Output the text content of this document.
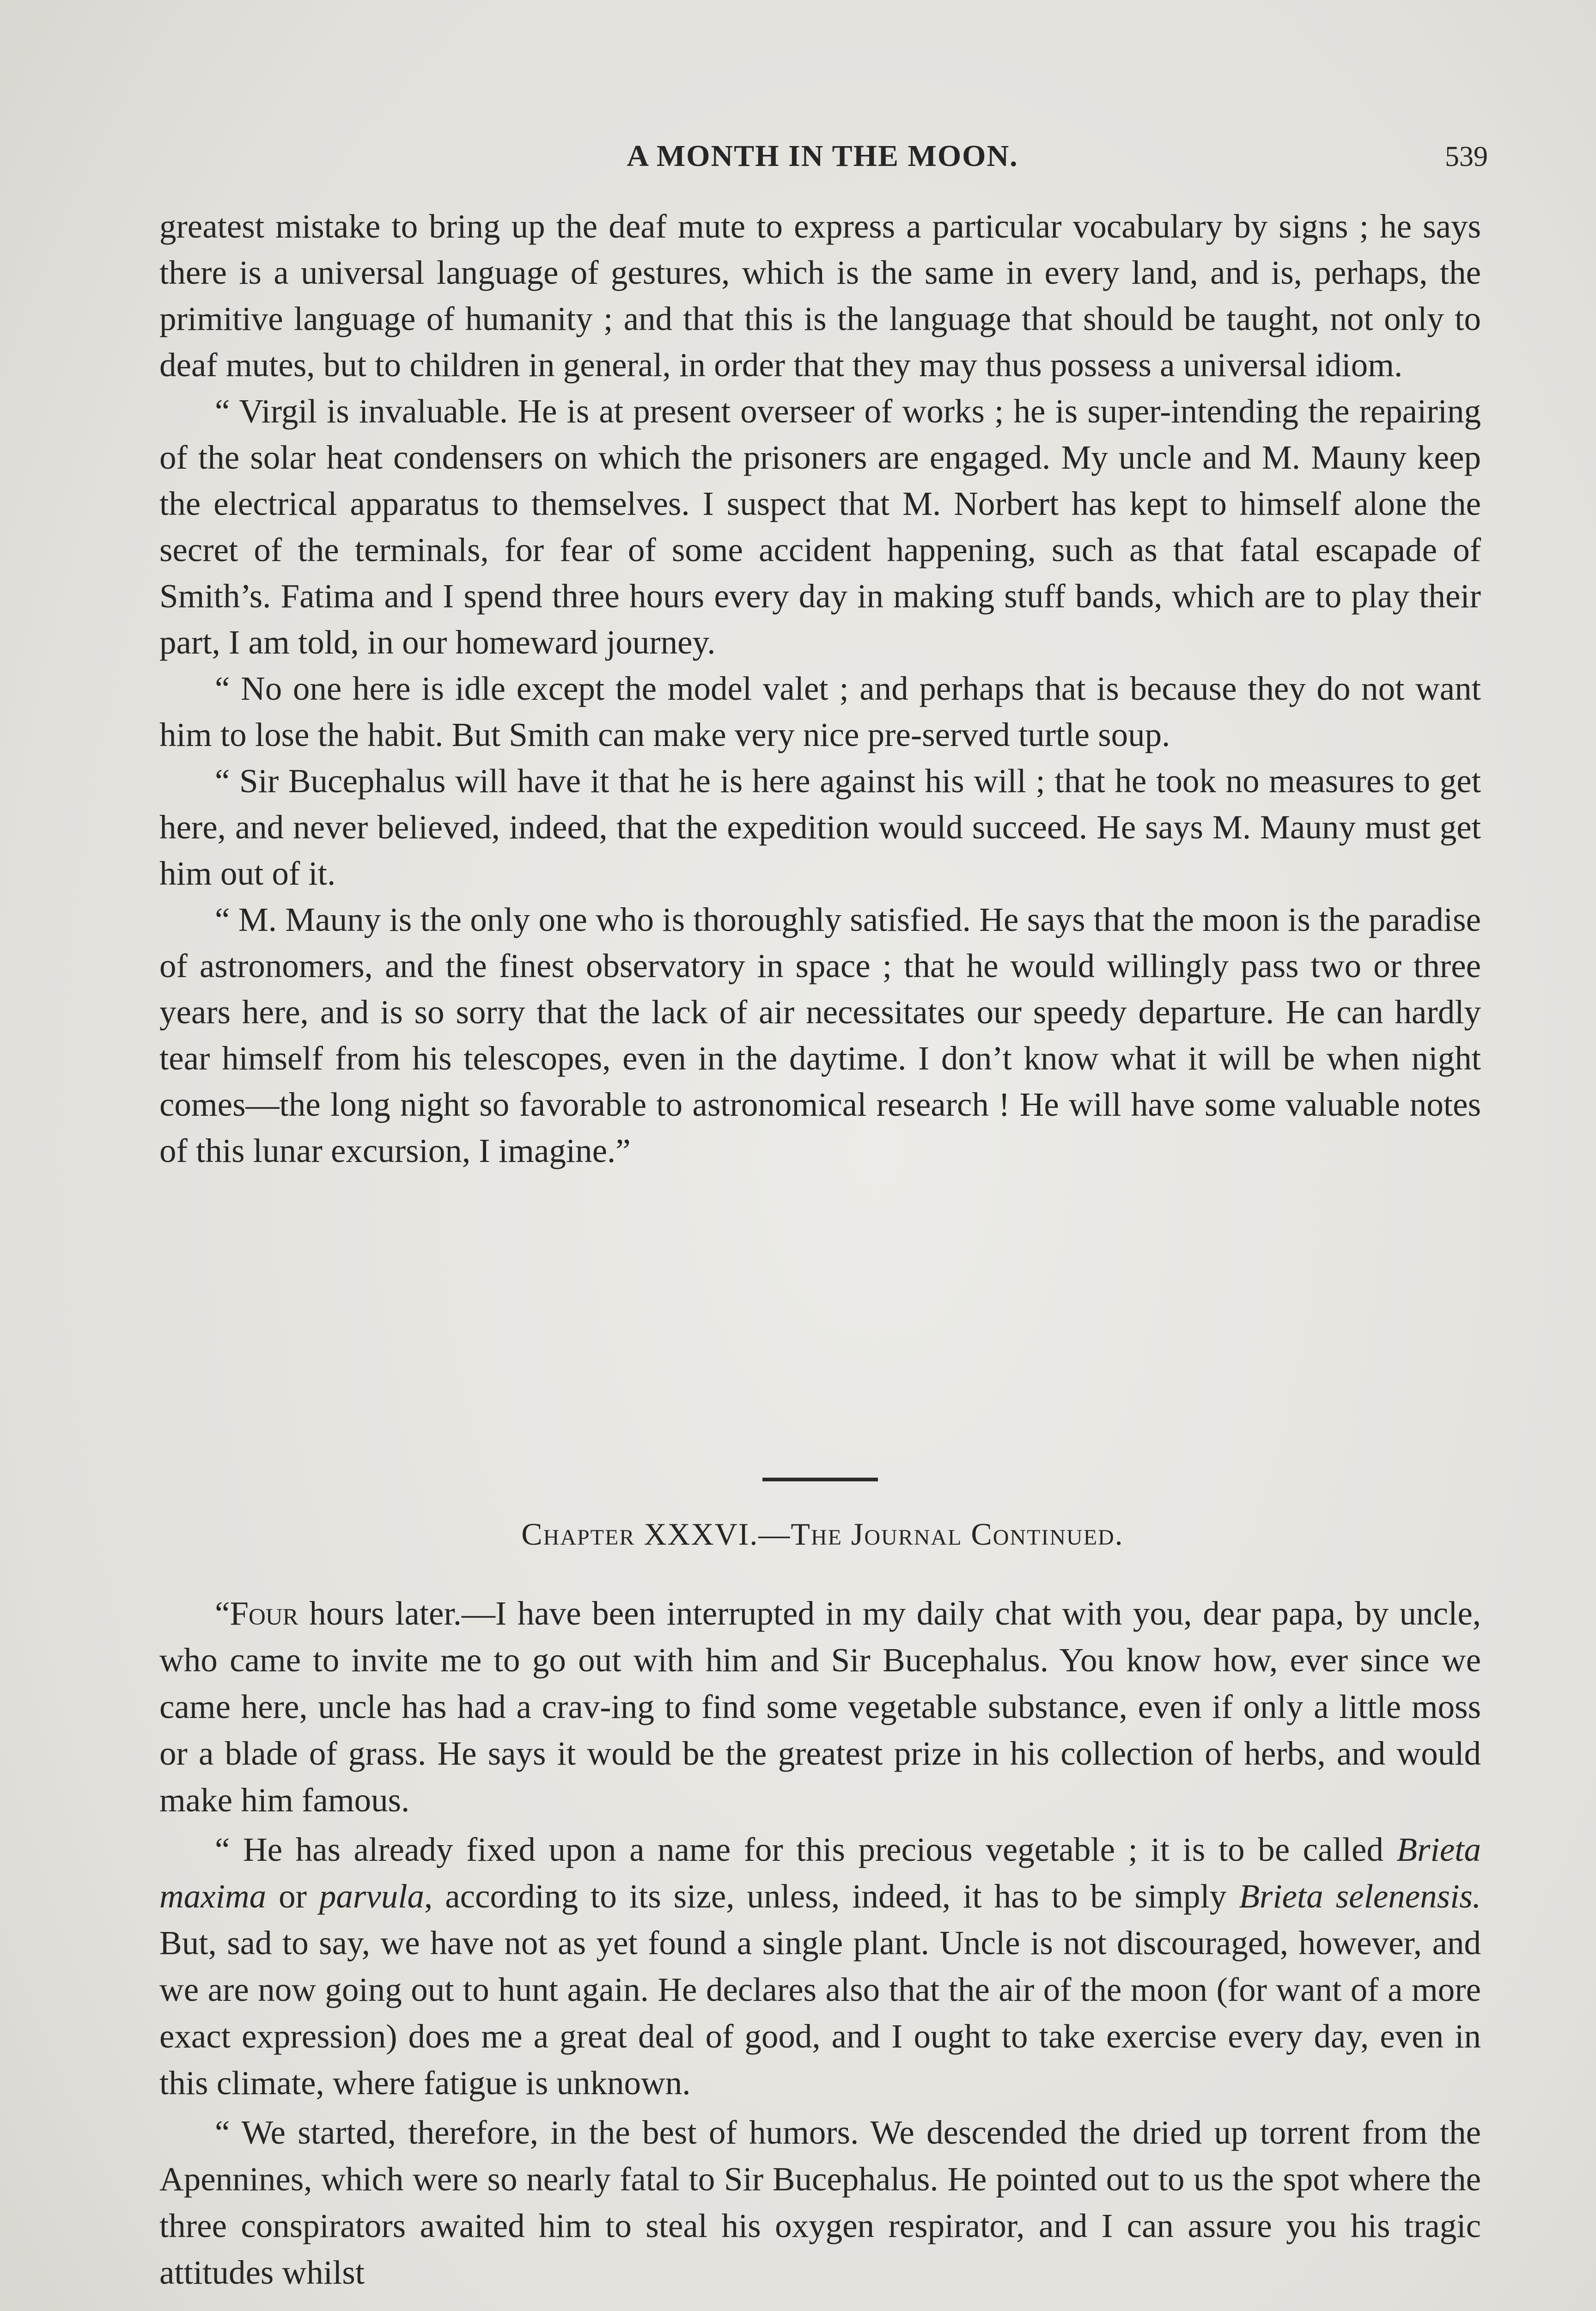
A MONTH IN THE MOON.	539

greatest mistake to bring up the deaf mute to express a particular vocabulary by signs ; he says there is a universal language of gestures, which is the same in every land, and is, perhaps, the primitive language of humanity ; and that this is the language that should be taught, not only to deaf mutes, but to children in general, in order that they may thus possess a universal idiom.

“ Virgil is invaluable. He is at present overseer of works ; he is super-intending the repairing of the solar heat condensers on which the prisoners are engaged. My uncle and M. Mauny keep the electrical apparatus to themselves. I suspect that M. Norbert has kept to himself alone the secret of the terminals, for fear of some accident happening, such as that fatal escapade of Smith’s. Fatima and I spend three hours every day in making stuff bands, which are to play their part, I am told, in our homeward journey.

“ No one here is idle except the model valet ; and perhaps that is because they do not want him to lose the habit. But Smith can make very nice pre-served turtle soup.

“ Sir Bucephalus will have it that he is here against his will ; that he took no measures to get here, and never believed, indeed, that the expedition would succeed. He says M. Mauny must get him out of it.

“ M. Mauny is the only one who is thoroughly satisfied. He says that the moon is the paradise of astronomers, and the finest observatory in space ; that he would willingly pass two or three years here, and is so sorry that the lack of air necessitates our speedy departure. He can hardly tear himself from his telescopes, even in the daytime. I don’t know what it will be when night comes—the long night so favorable to astronomical research ! He will have some valuable notes of this lunar excursion, I imagine.”

Chapter XXXVI.—The Journal Continued.

“Four hours later.—I have been interrupted in my daily chat with you, dear papa, by uncle, who came to invite me to go out with him and Sir Bucephalus. You know how, ever since we came here, uncle has had a crav-ing to find some vegetable substance, even if only a little moss or a blade of grass. He says it would be the greatest prize in his collection of herbs, and would make him famous.

“ He has already fixed upon a name for this precious vegetable ; it is to be called Brieta maxima or parvula, according to its size, unless, indeed, it has to be simply Brieta selenensis. But, sad to say, we have not as yet found a single plant. Uncle is not discouraged, however, and we are now going out to hunt again. He declares also that the air of the moon (for want of a more exact expression) does me a great deal of good, and I ought to take exercise every day, even in this climate, where fatigue is unknown.

“ We started, therefore, in the best of humors. We descended the dried up torrent from the Apennines, which were so nearly fatal to Sir Bucephalus. He pointed out to us the spot where the three conspirators awaited him to steal his oxygen respirator, and I can assure you his tragic attitudes whilst
